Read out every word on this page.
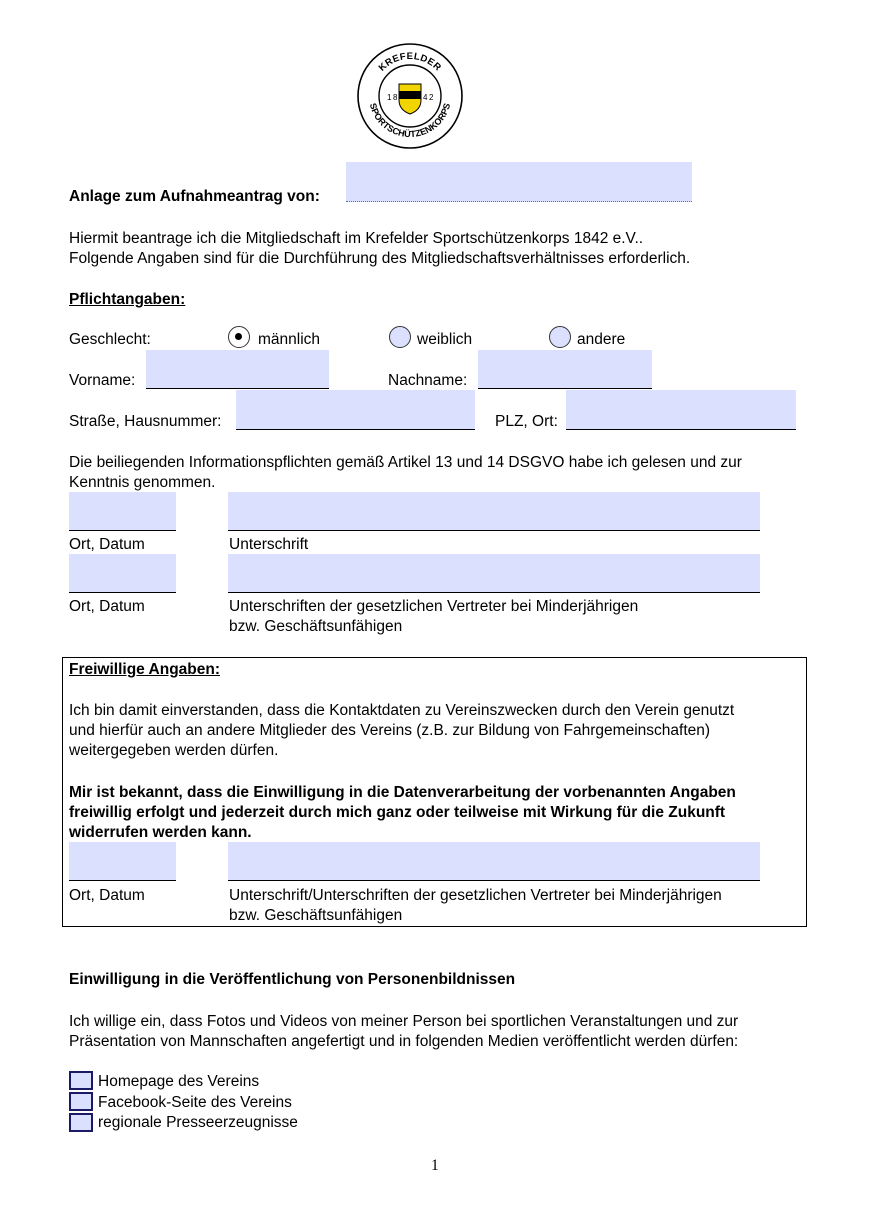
KREFELDER
SPORTSCHÜTZENKORPS
1 8	4 2
Anlage zum Aufnahmeantrag von:
Hiermit beantrage ich die Mitgliedschaft im Krefelder Sportschützenkorps 1842 e.V..
Folgende Angaben sind für die Durchführung des Mitgliedschaftsverhältnisses erforderlich.
Pflichtangaben:
Geschlecht:	männlich	weiblich	andere
Vorname:	Nachname:
Straße, Hausnummer:	PLZ, Ort:
Die beiliegenden Informationspflichten gemäß Artikel 13 und 14 DSGVO habe ich gelesen und zur
Kenntnis genommen.
Ort, Datum	Unterschrift
Ort, Datum	Unterschriften der gesetzlichen Vertreter bei Minderjährigen
bzw. Geschäftsunfähigen
Freiwillige Angaben:
Ich bin damit einverstanden, dass die Kontaktdaten zu Vereinszwecken durch den Verein genutzt
und hierfür auch an andere Mitglieder des Vereins (z.B. zur Bildung von Fahrgemeinschaften)
weitergegeben werden dürfen.
Mir ist bekannt, dass die Einwilligung in die Datenverarbeitung der vorbenannten Angaben
freiwillig erfolgt und jederzeit durch mich ganz oder teilweise mit Wirkung für die Zukunft
widerrufen werden kann.
Ort, Datum	Unterschrift/Unterschriften der gesetzlichen Vertreter bei Minderjährigen
bzw. Geschäftsunfähigen
Einwilligung in die Veröffentlichung von Personenbildnissen
Ich willige ein, dass Fotos und Videos von meiner Person bei sportlichen Veranstaltungen und zur
Präsentation von Mannschaften angefertigt und in folgenden Medien veröffentlicht werden dürfen:
Homepage des Vereins
Facebook-Seite des Vereins
regionale Presseerzeugnisse
1
